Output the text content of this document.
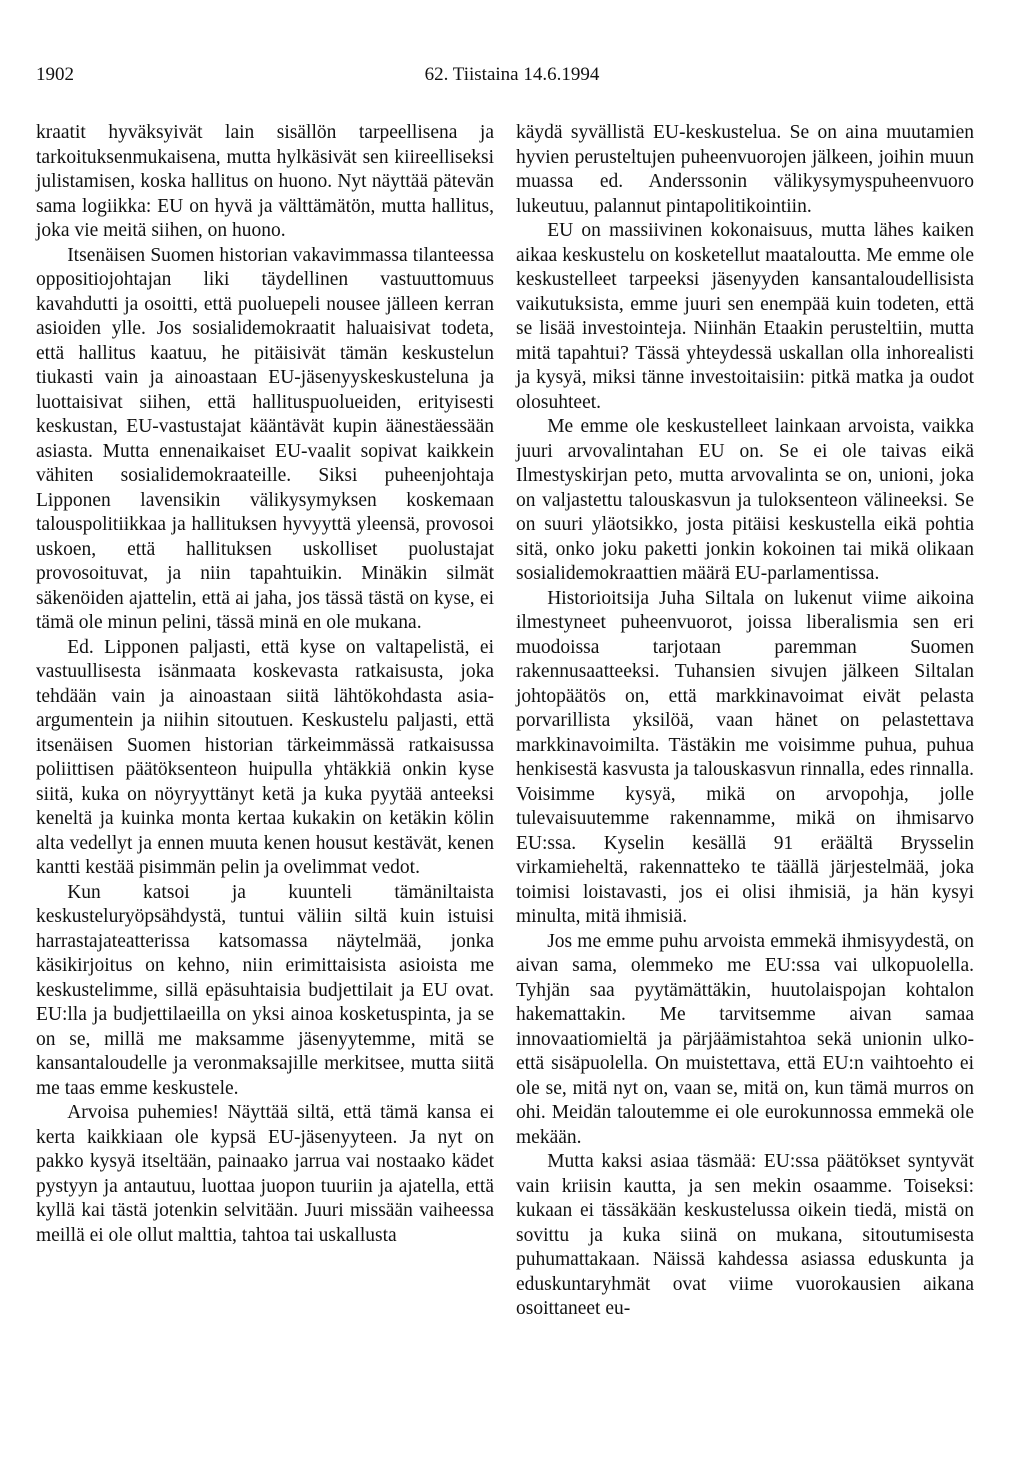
1902	62. Tiistaina 14.6.1994

kraatit hyväksyivät lain sisällön tarpeellisena ja tarkoituksenmukaisena, mutta hylkäsivät sen kiireelliseksi julistamisen, koska hallitus on huono. Nyt näyttää pätevän sama logiikka: EU on hyvä ja välttämätön, mutta hallitus, joka vie meitä siihen, on huono.

Itsenäisen Suomen historian vakavimmassa tilanteessa oppositiojohtajan liki täydellinen vastuuttomuus kavahdutti ja osoitti, että puoluepeli nousee jälleen kerran asioiden ylle. Jos sosialidemokraatit haluaisivat todeta, että hallitus kaatuu, he pitäisivät tämän keskustelun tiukasti vain ja ainoastaan EU-jäsenyyskeskusteluna ja luottaisivat siihen, että hallituspuolueiden, erityisesti keskustan, EU-vastustajat kääntävät kupin äänestäessään asiasta. Mutta ennenaikaiset EU-vaalit sopivat kaikkein vähiten sosialidemokraateille. Siksi puheenjohtaja Lipponen lavensikin välikysymyksen koskemaan talouspolitiikkaa ja hallituksen hyvyyttä yleensä, provosoi uskoen, että hallituksen uskolliset puolustajat provosoituvat, ja niin tapahtuikin. Minäkin silmät säkenöiden ajattelin, että ai jaha, jos tässä tästä on kyse, ei tämä ole minun pelini, tässä minä en ole mukana.

Ed. Lipponen paljasti, että kyse on valtapelistä, ei vastuullisesta isänmaata koskevasta ratkaisusta, joka tehdään vain ja ainoastaan siitä lähtökohdasta asia-argumentein ja niihin sitoutuen. Keskustelu paljasti, että itsenäisen Suomen historian tärkeimmässä ratkaisussa poliittisen päätöksenteon huipulla yhtäkkiä onkin kyse siitä, kuka on nöyryyttänyt ketä ja kuka pyytää anteeksi keneltä ja kuinka monta kertaa kukakin on ketäkin kölin alta vedellyt ja ennen muuta kenen housut kestävät, kenen kantti kestää pisimmän pelin ja ovelimmat vedot.

Kun katsoi ja kuunteli tämäniltaista keskusteluryöpsähdystä, tuntui väliin siltä kuin istuisi harrastajateatterissa katsomassa näytelmää, jonka käsikirjoitus on kehno, niin erimittaisista asioista me keskustelimme, sillä epäsuhtaisia budjettilait ja EU ovat. EU:lla ja budjettilaeilla on yksi ainoa kosketuspinta, ja se on se, millä me maksamme jäsenyytemme, mitä se kansantaloudelle ja veronmaksajille merkitsee, mutta siitä me taas emme keskustele.

Arvoisa puhemies! Näyttää siltä, että tämä kansa ei kerta kaikkiaan ole kypsä EU-jäsenyyteen. Ja nyt on pakko kysyä itseltään, painaako jarrua vai nostaako kädet pystyyn ja antautuu, luottaa juopon tuuriin ja ajatella, että kyllä kai tästä jotenkin selvitään. Juuri missään vaiheessa meillä ei ole ollut malttia, tahtoa tai uskallusta

käydä syvällistä EU-keskustelua. Se on aina muutamien hyvien perusteltujen puheenvuorojen jälkeen, joihin muun muassa ed. Anderssonin välikysymyspuheenvuoro lukeutuu, palannut pintapolitikointiin.

EU on massiivinen kokonaisuus, mutta lähes kaiken aikaa keskustelu on kosketellut maataloutta. Me emme ole keskustelleet tarpeeksi jäsenyyden kansantaloudellisista vaikutuksista, emme juuri sen enempää kuin todeten, että se lisää investointeja. Niinhän Etaakin perusteltiin, mutta mitä tapahtui? Tässä yhteydessä uskallan olla inhorealisti ja kysyä, miksi tänne investoitaisiin: pitkä matka ja oudot olosuhteet.

Me emme ole keskustelleet lainkaan arvoista, vaikka juuri arvovalintahan EU on. Se ei ole taivas eikä Ilmestyskirjan peto, mutta arvovalinta se on, unioni, joka on valjastettu talouskasvun ja tuloksenteon välineeksi. Se on suuri yläotsikko, josta pitäisi keskustella eikä pohtia sitä, onko joku paketti jonkin kokoinen tai mikä olikaan sosialidemokraattien määrä EU-parlamentissa.

Historioitsija Juha Siltala on lukenut viime aikoina ilmestyneet puheenvuorot, joissa liberalismia sen eri muodoissa tarjotaan paremman Suomen rakennusaatteeksi. Tuhansien sivujen jälkeen Siltalan johtopäätös on, että markkinavoimat eivät pelasta porvarillista yksilöä, vaan hänet on pelastettava markkinavoimilta. Tästäkin me voisimme puhua, puhua henkisestä kasvusta ja talouskasvun rinnalla, edes rinnalla. Voisimme kysyä, mikä on arvopohja, jolle tulevaisuutemme rakennamme, mikä on ihmisarvo EU:ssa. Kyselin kesällä 91 eräältä Brysselin virkamieheltä, rakennatteko te täällä järjestelmää, joka toimisi loistavasti, jos ei olisi ihmisiä, ja hän kysyi minulta, mitä ihmisiä.

Jos me emme puhu arvoista emmekä ihmisyydestä, on aivan sama, olemmeko me EU:ssa vai ulkopuolella. Tyhjän saa pyytämättäkin, huutolaispojan kohtalon hakemattakin. Me tarvitsemme aivan samaa innovaatiomieltä ja pärjäämistahtoa sekä unionin ulko- että sisäpuolella. On muistettava, että EU:n vaihtoehto ei ole se, mitä nyt on, vaan se, mitä on, kun tämä murros on ohi. Meidän taloutemme ei ole eurokunnossa emmekä ole mekään.

Mutta kaksi asiaa täsmää: EU:ssa päätökset syntyvät vain kriisin kautta, ja sen mekin osaamme. Toiseksi: kukaan ei tässäkään keskustelussa oikein tiedä, mistä on sovittu ja kuka siinä on mukana, sitoutumisesta puhumattakaan. Näissä kahdessa asiassa eduskunta ja eduskuntaryhmät ovat viime vuorokausien aikana osoittaneet eu-
